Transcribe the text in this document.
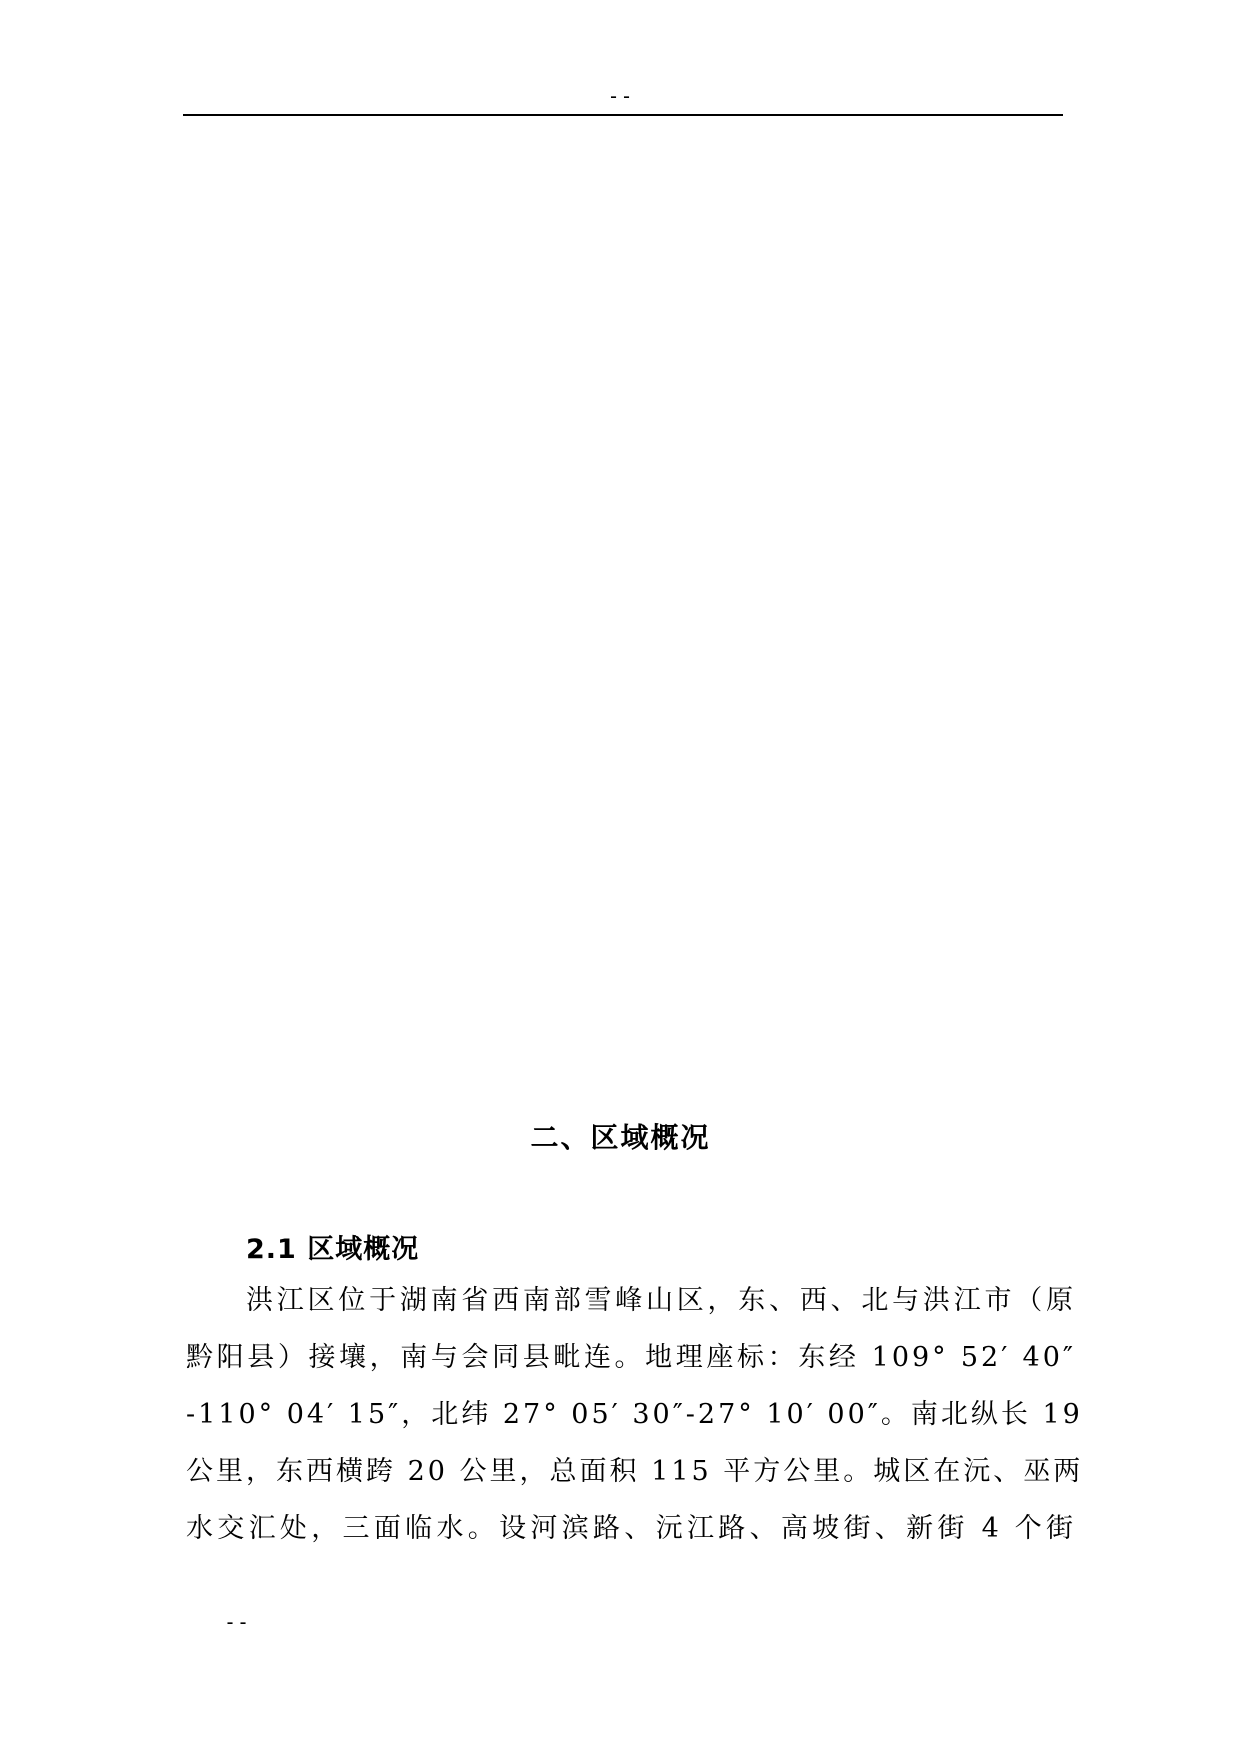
--
二、区域概况
2.1 区域概况
洪江区位于湖南省西南部雪峰山区，东、西、北与洪江市（原
黔阳县）接壤，南与会同县毗连。地理座标：东经 109° 52′ 40″
-110° 04′ 15″，北纬 27° 05′ 30″-27° 10′ 00″。南北纵长 19
公里，东西横跨 20 公里，总面积 115 平方公里。城区在沅、巫两
水交汇处，三面临水。设河滨路、沅江路、高坡街、新街 4 个街
--
